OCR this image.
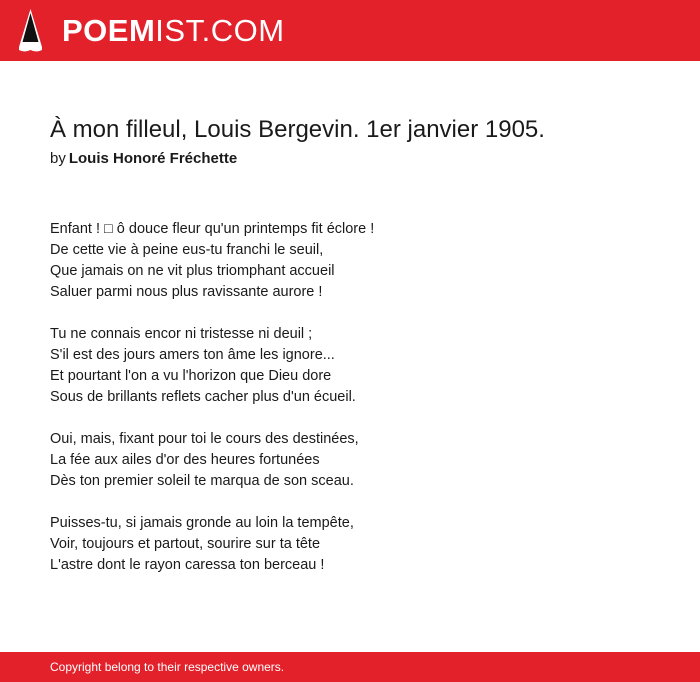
POEMIST.COM
À mon filleul, Louis Bergevin. 1er janvier 1905.
by Louis Honoré Fréchette
Enfant ! □ ô douce fleur qu'un printemps fit éclore !
De cette vie à peine eus-tu franchi le seuil,
Que jamais on ne vit plus triomphant accueil
Saluer parmi nous plus ravissante aurore !
Tu ne connais encor ni tristesse ni deuil ;
S'il est des jours amers ton âme les ignore...
Et pourtant l'on a vu l'horizon que Dieu dore
Sous de brillants reflets cacher plus d'un écueil.
Oui, mais, fixant pour toi le cours des destinées,
La fée aux ailes d'or des heures fortunées
Dès ton premier soleil te marqua de son sceau.
Puisses-tu, si jamais gronde au loin la tempête,
Voir, toujours et partout, sourire sur ta tête
L'astre dont le rayon caressa ton berceau !
Copyright belong to their respective owners.
